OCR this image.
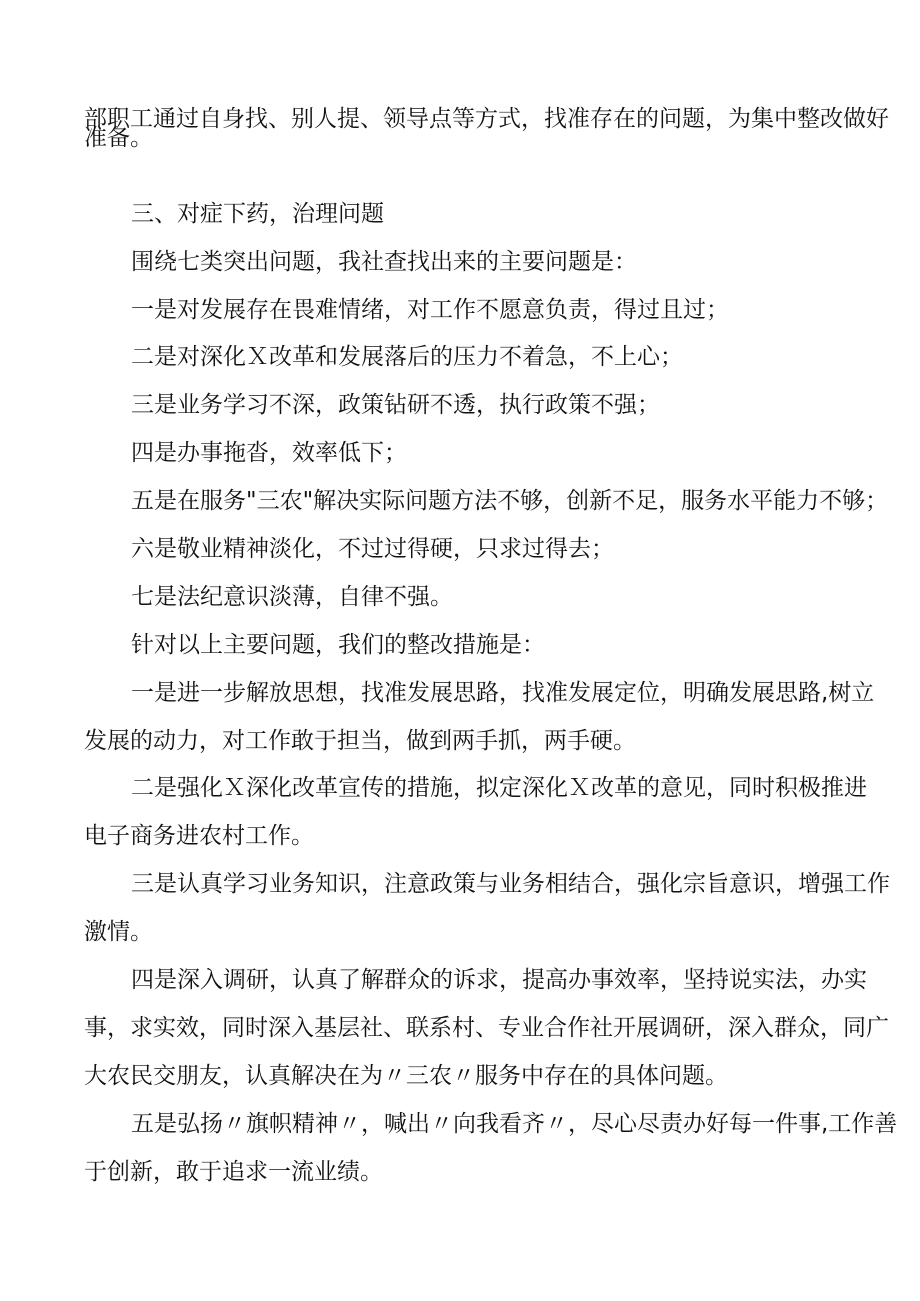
部职工通过自身找、别人提、领导点等方式，找准存在的问题，为集中整改做好
准备。
三、对症下药，治理问题
围绕七类突出问题，我社查找出来的主要问题是：
一是对发展存在畏难情绪，对工作不愿意负责，得过且过；
二是对深化Ｘ改革和发展落后的压力不着急，不上心；
三是业务学习不深，政策钻研不透，执行政策不强；
四是办事拖沓，效率低下；
五是在服务"三农"解决实际问题方法不够，创新不足，服务水平能力不够；
六是敬业精神淡化，不过过得硬，只求过得去；
七是法纪意识淡薄，自律不强。
针对以上主要问题，我们的整改措施是：
一是进一步解放思想，找准发展思路，找准发展定位，明确发展思路,树立
发展的动力，对工作敢于担当，做到两手抓，两手硬。
二是强化Ｘ深化改革宣传的措施，拟定深化Ｘ改革的意见，同时积极推进
电子商务进农村工作。
三是认真学习业务知识，注意政策与业务相结合，强化宗旨意识，增强工作
激情。
四是深入调研，认真了解群众的诉求，提高办事效率，坚持说实法，办实
事，求实效，同时深入基层社、联系村、专业合作社开展调研，深入群众，同广
大农民交朋友，认真解决在为〃三农〃服务中存在的具体问题。
五是弘扬〃旗帜精神〃，喊出〃向我看齐〃，尽心尽责办好每一件事,工作善
于创新，敢于追求一流业绩。
